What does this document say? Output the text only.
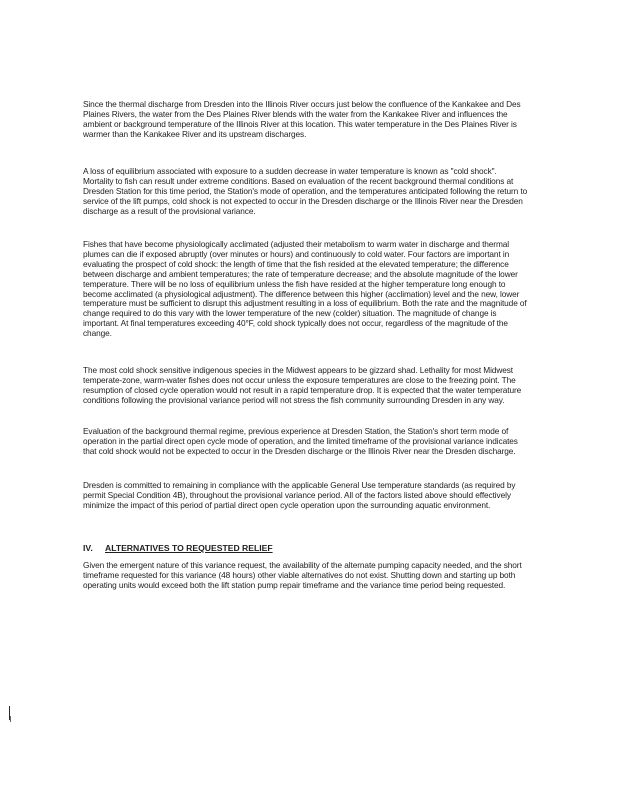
Since the thermal discharge from Dresden into the Illinois River occurs just below the confluence of the Kankakee and Des Plaines Rivers, the water from the Des Plaines River blends with the water from the Kankakee River and influences the ambient or background temperature of the Illinois River at this location. This water temperature in the Des Plaines River is warmer than the Kankakee River and its upstream discharges.

A loss of equilibrium associated with exposure to a sudden decrease in water temperature is known as "cold shock". Mortality to fish can result under extreme conditions. Based on evaluation of the recent background thermal conditions at Dresden Station for this time period, the Station's mode of operation, and the temperatures anticipated following the return to service of the lift pumps, cold shock is not expected to occur in the Dresden discharge or the Illinois River near the Dresden discharge as a result of the provisional variance.

Fishes that have become physiologically acclimated (adjusted their metabolism to warm water in discharge and thermal plumes can die if exposed abruptly (over minutes or hours) and continuously to cold water. Four factors are important in evaluating the prospect of cold shock: the length of time that the fish resided at the elevated temperature; the difference between discharge and ambient temperatures; the rate of temperature decrease; and the absolute magnitude of the lower temperature. There will be no loss of equilibrium unless the fish have resided at the higher temperature long enough to become acclimated (a physiological adjustment). The difference between this higher (acclimation) level and the new, lower temperature must be sufficient to disrupt this adjustment resulting in a loss of equilibrium. Both the rate and the magnitude of change required to do this vary with the lower temperature of the new (colder) situation. The magnitude of change is important. At final temperatures exceeding 40°F, cold shock typically does not occur, regardless of the magnitude of the change.

The most cold shock sensitive indigenous species in the Midwest appears to be gizzard shad. Lethality for most Midwest temperate-zone, warm-water fishes does not occur unless the exposure temperatures are close to the freezing point. The resumption of closed cycle operation would not result in a rapid temperature drop. It is expected that the water temperature conditions following the provisional variance period will not stress the fish community surrounding Dresden in any way.

Evaluation of the background thermal regime, previous experience at Dresden Station, the Station's short term mode of operation in the partial direct open cycle mode of operation, and the limited timeframe of the provisional variance indicates that cold shock would not be expected to occur in the Dresden discharge or the Illinois River near the Dresden discharge.

Dresden is committed to remaining in compliance with the applicable General Use temperature standards (as required by permit Special Condition 4B), throughout the provisional variance period. All of the factors listed above should effectively minimize the impact of this period of partial direct open cycle operation upon the surrounding aquatic environment.

IV. ALTERNATIVES TO REQUESTED RELIEF

Given the emergent nature of this variance request, the availability of the alternate pumping capacity needed, and the short timeframe requested for this variance (48 hours) other viable alternatives do not exist. Shutting down and starting up both operating units would exceed both the lift station pump repair timeframe and the variance time period being requested.
